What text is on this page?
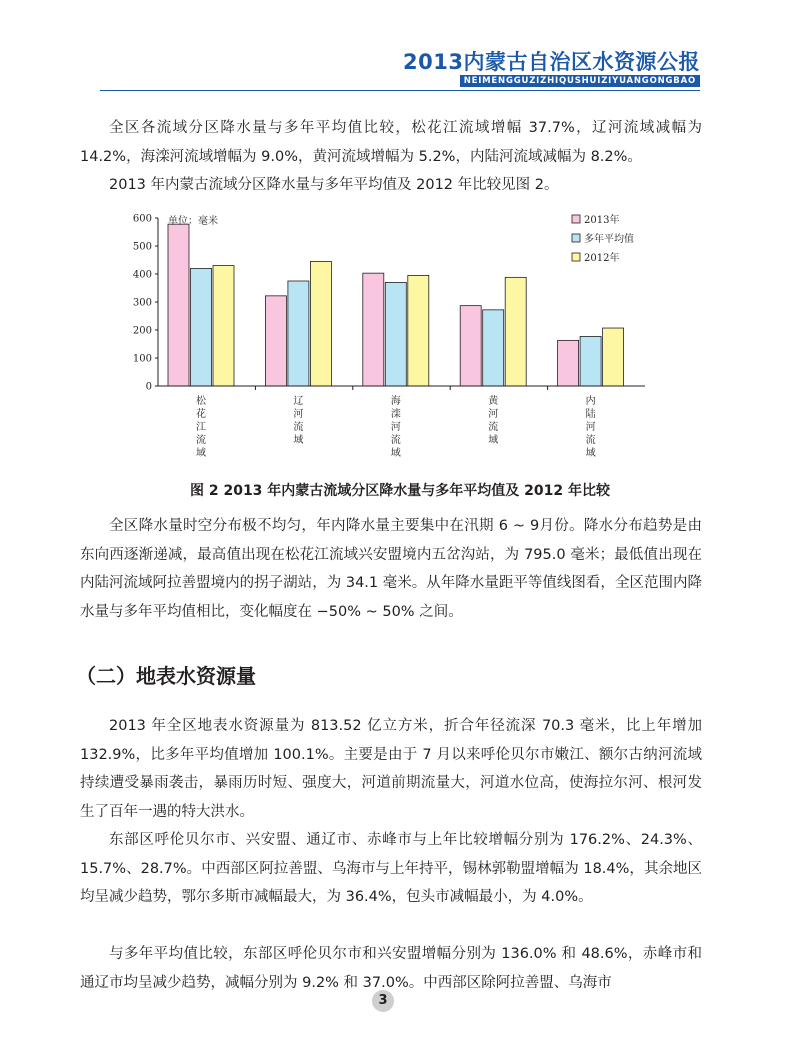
2013内蒙古自治区水资源公报
NEIMENGGUZIZHIQUSHUIZIYUANGONGBAO

全区各流域分区降水量与多年平均值比较，松花江流域增幅 37.7%，辽河流域减幅为 14.2%，海滦河流域增幅为 9.0%，黄河流域增幅为 5.2%，内陆河流域减幅为 8.2%。

2013 年内蒙古流域分区降水量与多年平均值及 2012 年比较见图 2。

0
100
200
300
400
500
600
松花江流域
辽河流域
海滦河流域
黄河流域
内陆河流域
2013年
多年平均值
2012年
单位：毫米
图 2 2013 年内蒙古流域分区降水量与多年平均值及 2012 年比较

全区降水量时空分布极不均匀，年内降水量主要集中在汛期 6 ~ 9月份。降水分布趋势是由东向西逐渐递减，最高值出现在松花江流域兴安盟境内五岔沟站，为 795.0 毫米；最低值出现在内陆河流域阿拉善盟境内的拐子湖站，为 34.1 毫米。从年降水量距平等值线图看，全区范围内降水量与多年平均值相比，变化幅度在 −50% ~ 50% 之间。

（二）地表水资源量

2013 年全区地表水资源量为 813.52 亿立方米，折合年径流深 70.3 毫米，比上年增加 132.9%，比多年平均值增加 100.1%。主要是由于 7 月以来呼伦贝尔市嫩江、额尔古纳河流域持续遭受暴雨袭击，暴雨历时短、强度大，河道前期流量大，河道水位高，使海拉尔河、根河发生了百年一遇的特大洪水。

东部区呼伦贝尔市、兴安盟、通辽市、赤峰市与上年比较增幅分别为 176.2%、24.3%、15.7%、28.7%。中西部区阿拉善盟、乌海市与上年持平，锡林郭勒盟增幅为 18.4%，其余地区均呈减少趋势，鄂尔多斯市减幅最大，为 36.4%，包头市减幅最小，为 4.0%。

与多年平均值比较，东部区呼伦贝尔市和兴安盟增幅分别为 136.0% 和 48.6%，赤峰市和通辽市均呈减少趋势，减幅分别为 9.2% 和 37.0%。中西部区除阿拉善盟、乌海市

3
